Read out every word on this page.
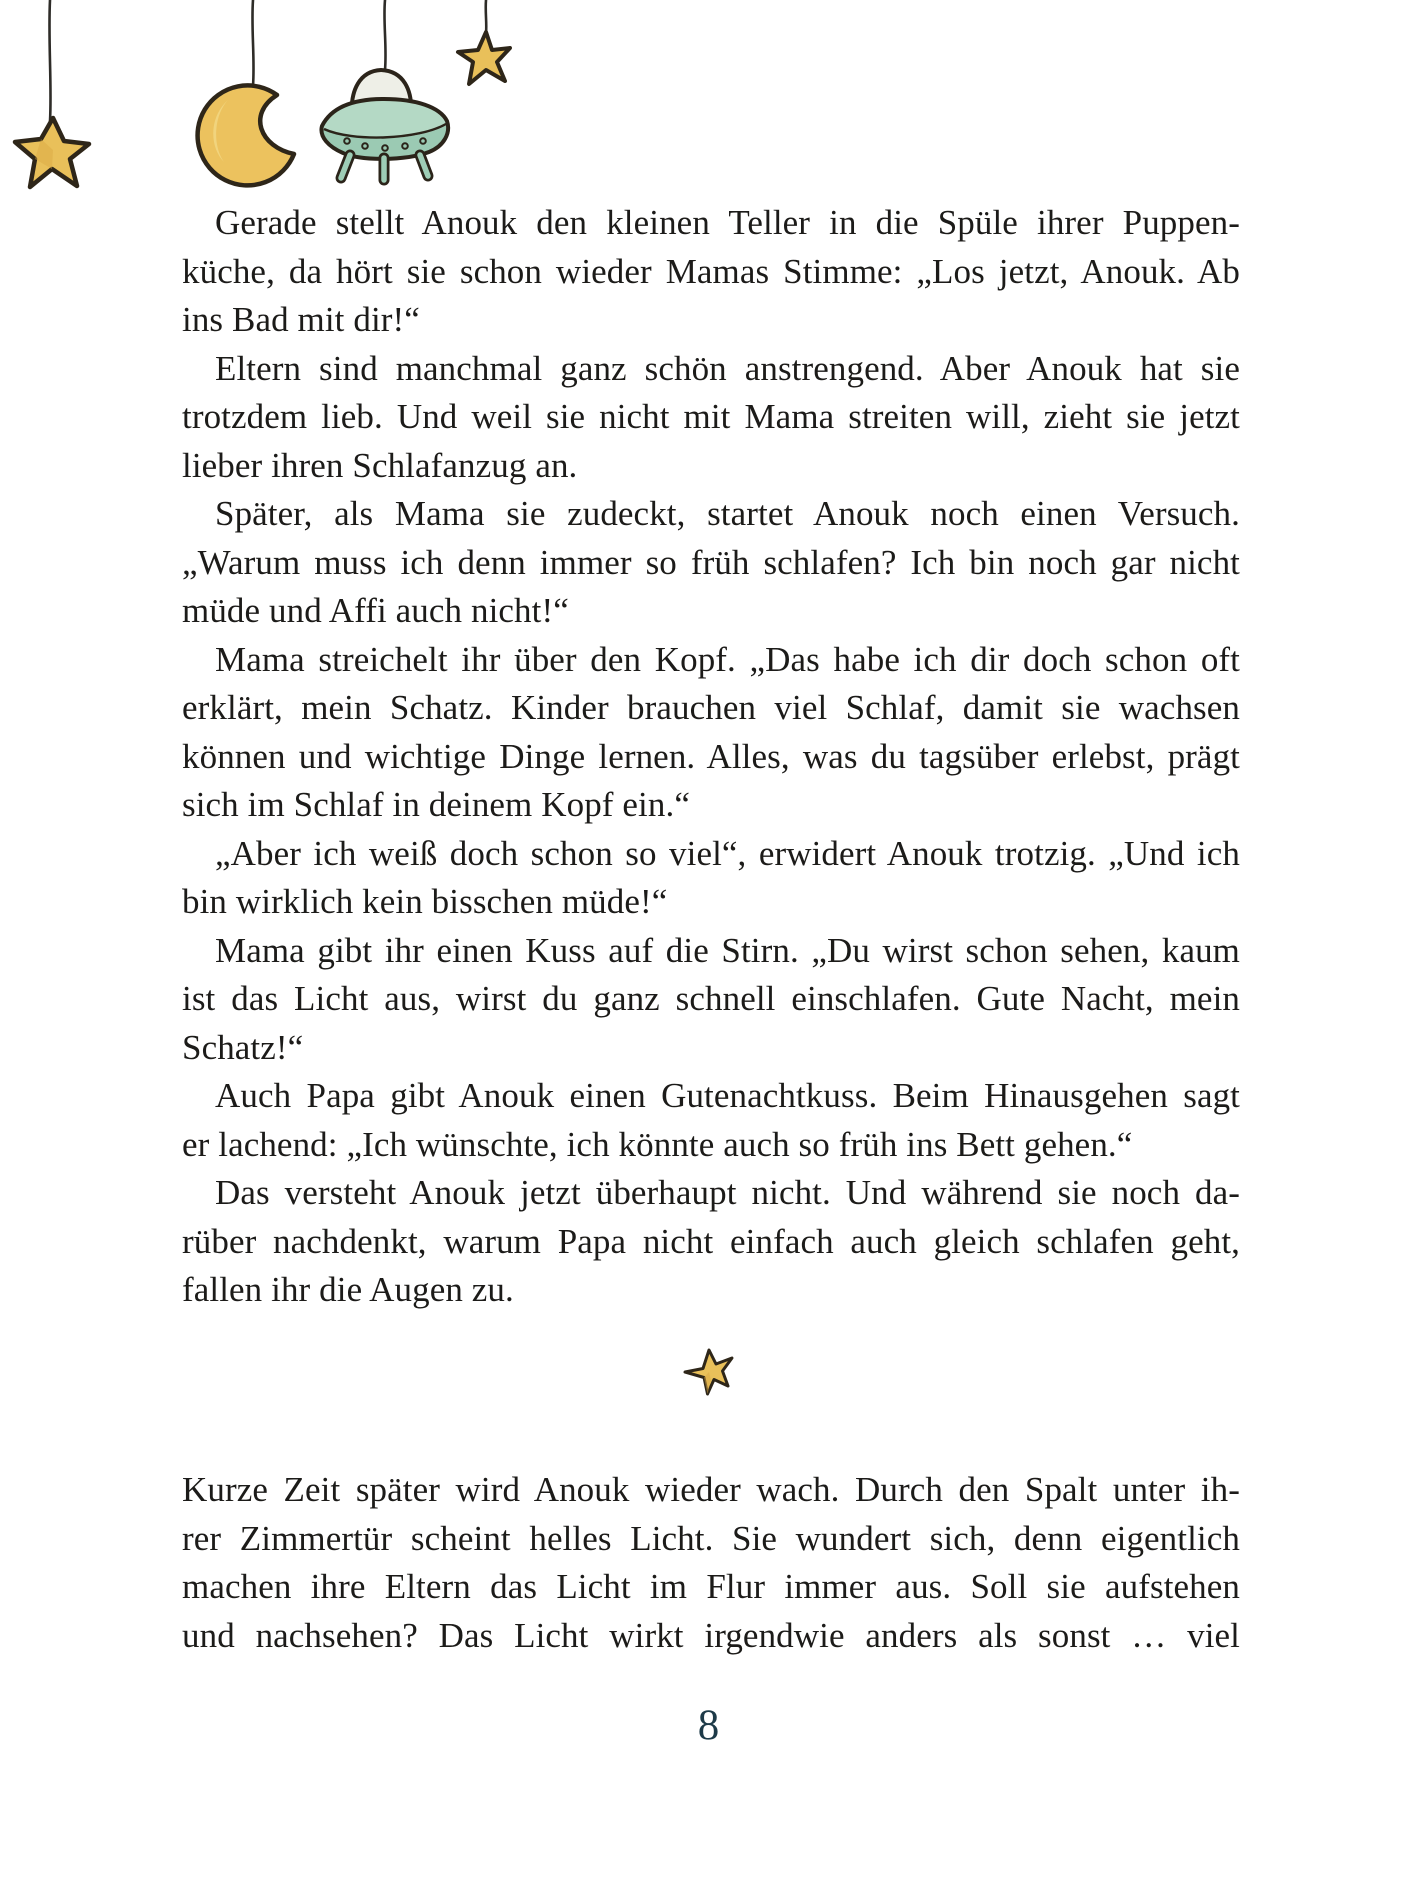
Gerade stellt Anouk den kleinen Teller in die Spüle ihrer Puppen-
küche, da hört sie schon wieder Mamas Stimme: „Los jetzt, Anouk. Ab
ins Bad mit dir!“
Eltern sind manchmal ganz schön anstrengend. Aber Anouk hat sie
trotzdem lieb. Und weil sie nicht mit Mama streiten will, zieht sie jetzt
lieber ihren Schlafanzug an.
Später, als Mama sie zudeckt, startet Anouk noch einen Versuch.
„Warum muss ich denn immer so früh schlafen? Ich bin noch gar nicht
müde und Affi auch nicht!“
Mama streichelt ihr über den Kopf. „Das habe ich dir doch schon oft
erklärt, mein Schatz. Kinder brauchen viel Schlaf, damit sie wachsen
können und wichtige Dinge lernen. Alles, was du tagsüber erlebst, prägt
sich im Schlaf in deinem Kopf ein.“
„Aber ich weiß doch schon so viel“, erwidert Anouk trotzig. „Und ich
bin wirklich kein bisschen müde!“
Mama gibt ihr einen Kuss auf die Stirn. „Du wirst schon sehen, kaum
ist das Licht aus, wirst du ganz schnell einschlafen. Gute Nacht, mein
Schatz!“
Auch Papa gibt Anouk einen Gutenachtkuss. Beim Hinausgehen sagt
er lachend: „Ich wünschte, ich könnte auch so früh ins Bett gehen.“
Das versteht Anouk jetzt überhaupt nicht. Und während sie noch da-
rüber nachdenkt, warum Papa nicht einfach auch gleich schlafen geht,
fallen ihr die Augen zu.
Kurze Zeit später wird Anouk wieder wach. Durch den Spalt unter ih-
rer Zimmertür scheint helles Licht. Sie wundert sich, denn eigentlich
machen ihre Eltern das Licht im Flur immer aus. Soll sie aufstehen
und nachsehen? Das Licht wirkt irgendwie anders als sonst … viel
8
